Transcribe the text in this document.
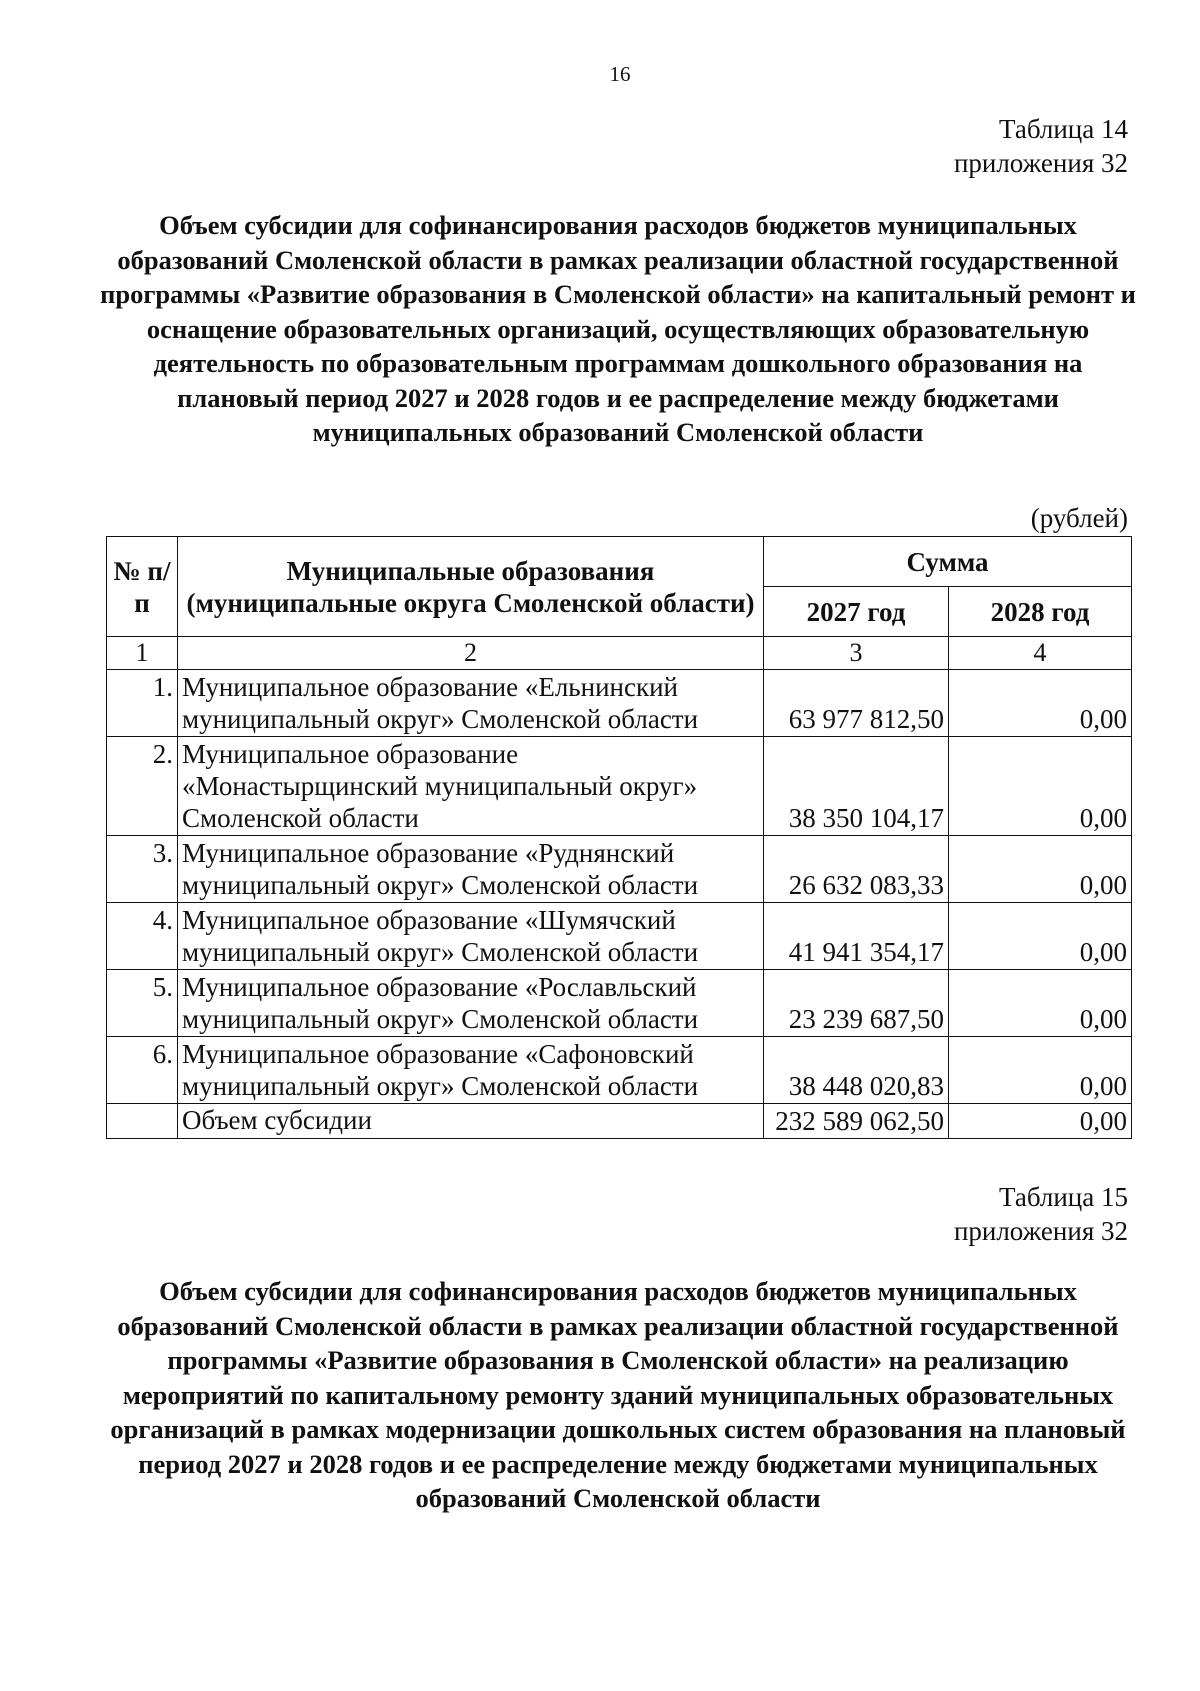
16
Таблица 14
приложения 32
Объем субсидии для софинансирования расходов бюджетов муниципальных образований Смоленской области в рамках реализации областной государственной программы «Развитие образования в Смоленской области» на капитальный ремонт и оснащение образовательных организаций, осуществляющих образовательную деятельность по образовательным программам дошкольного образования на плановый период 2027 и 2028 годов и ее распределение между бюджетами муниципальных образований Смоленской области
(рублей)
№ п/п	Муниципальные образования (муниципальные округа Смоленской области)	Сумма	
		2027 год	2028 год
1	2	3	4
1.	Муниципальное образование «Ельнинский муниципальный округ» Смоленской области	63 977 812,50	0,00
2.	Муниципальное образование «Монастырщинский муниципальный округ» Смоленской области	38 350 104,17	0,00
3.	Муниципальное образование «Руднянский муниципальный округ» Смоленской области	26 632 083,33	0,00
4.	Муниципальное образование «Шумячский муниципальный округ» Смоленской области	41 941 354,17	0,00
5.	Муниципальное образование «Рославльский муниципальный округ» Смоленской области	23 239 687,50	0,00
6.	Муниципальное образование «Сафоновский муниципальный округ» Смоленской области	38 448 020,83	0,00
	Объем субсидии	232 589 062,50	0,00
Таблица 15
приложения 32
Объем субсидии для софинансирования расходов бюджетов муниципальных образований Смоленской области в рамках реализации областной государственной программы «Развитие образования в Смоленской области» на реализацию мероприятий по капитальному ремонту зданий муниципальных образовательных организаций в рамках модернизации дошкольных систем образования на плановый период 2027 и 2028 годов и ее распределение между бюджетами муниципальных образований Смоленской области
